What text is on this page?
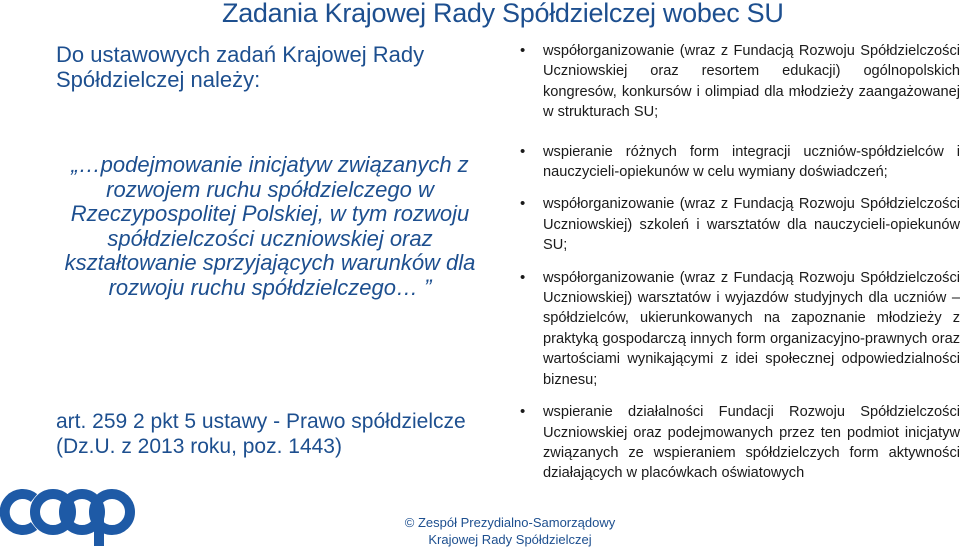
Zadania Krajowej Rady Spółdzielczej wobec SU
Do ustawowych zadań Krajowej Rady Spółdzielczej należy:
„…podejmowanie inicjatyw związanych z rozwojem ruchu spółdzielczego w Rzeczypospolitej Polskiej, w tym rozwoju spółdzielczości uczniowskiej oraz kształtowanie sprzyjających warunków dla rozwoju ruchu spółdzielczego… ”
art. 259 2 pkt 5 ustawy - Prawo spółdzielcze (Dz.U. z 2013 roku, poz. 1443)
• współorganizowanie (wraz z Fundacją Rozwoju Spółdzielczości Uczniowskiej oraz resortem edukacji) ogólnopolskich kongresów, konkursów i olimpiad dla młodzieży zaangażowanej w strukturach SU;
• wspieranie różnych form integracji uczniów-spółdzielców i nauczycieli-opiekunów w celu wymiany doświadczeń;
• współorganizowanie (wraz z Fundacją Rozwoju Spółdzielczości Uczniowskiej) szkoleń i warsztatów dla nauczycieli-opiekunów SU;
• współorganizowanie (wraz z Fundacją Rozwoju Spółdzielczości Uczniowskiej) warsztatów i wyjazdów studyjnych dla uczniów – spółdzielców, ukierunkowanych na zapoznanie młodzieży z praktyką gospodarczą innych form organizacyjno-prawnych oraz wartościami wynikającymi z idei społecznej odpowiedzialności biznesu;
• wspieranie działalności Fundacji Rozwoju Spółdzielczości Uczniowskiej oraz podejmowanych przez ten podmiot inicjatyw związanych ze wspieraniem spółdzielczych form aktywności działających w placówkach oświatowych
© Zespół Prezydialno-Samorządowy
Krajowej Rady Spółdzielczej
